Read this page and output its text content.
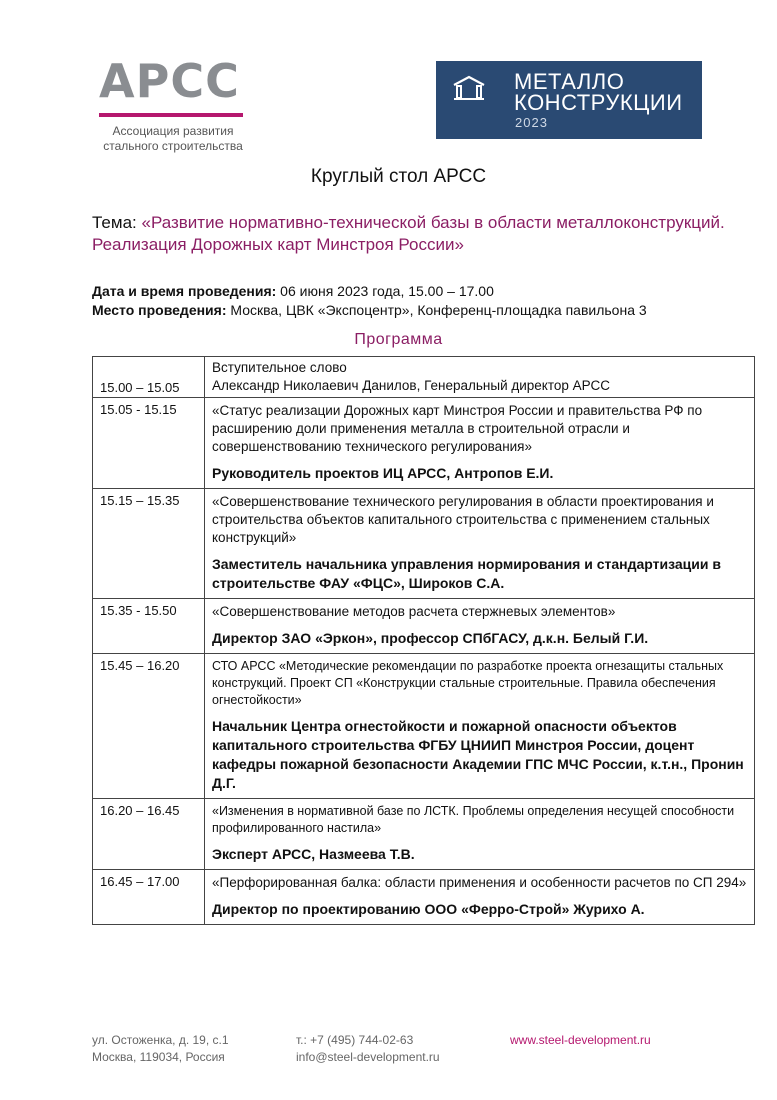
АРСС
Ассоциация развития
стального строительства
МЕТАЛЛО
КОНСТРУКЦИИ
2023
Круглый стол АРСС
Тема: «Развитие нормативно-технической базы в области металлоконструкций. Реализация Дорожных карт Минстроя России»
Дата и время проведения: 06 июня 2023 года, 15.00 – 17.00
Место проведения: Москва, ЦВК «Экспоцентр», Конференц-площадка павильона 3
Программа
15.00 – 15.05	Вступительное слово
Александр Николаевич Данилов, Генеральный директор АРСС

15.05 - 15.15	«Статус реализации Дорожных карт Минстроя России и правительства РФ по расширению доли применения металла в строительной отрасли и совершенствованию технического регулирования»
Руководитель проектов ИЦ АРСС, Антропов Е.И.

15.15 – 15.35	«Совершенствование технического регулирования в области проектирования и строительства объектов капитального строительства с применением стальных конструкций»
Заместитель начальника управления нормирования и стандартизации в строительстве ФАУ «ФЦС», Широков С.А.

15.35 - 15.50	«Совершенствование методов расчета стержневых элементов»
Директор ЗАО «Эркон», профессор СПбГАСУ, д.к.н. Белый Г.И.

15.45 – 16.20	СТО АРСС «Методические рекомендации по разработке проекта огнезащиты стальных конструкций. Проект СП «Конструкции стальные строительные. Правила обеспечения огнестойкости»
Начальник Центра огнестойкости и пожарной опасности объектов капитального строительства ФГБУ ЦНИИП Минстроя России, доцент кафедры пожарной безопасности Академии ГПС МЧС России, к.т.н., Пронин Д.Г.

16.20 – 16.45	«Изменения в нормативной базе по ЛСТК. Проблемы определения несущей способности профилированного настила»
Эксперт АРСС, Назмеева Т.В.

16.45 – 17.00	«Перфорированная балка: области применения и особенности расчетов по СП 294»
Директор по проектированию ООО «Ферро-Строй» Журихо А.
ул. Остоженка, д. 19, с.1
Москва, 119034, Россия
т.: +7 (495) 744-02-63
info@steel-development.ru
www.steel-development.ru
